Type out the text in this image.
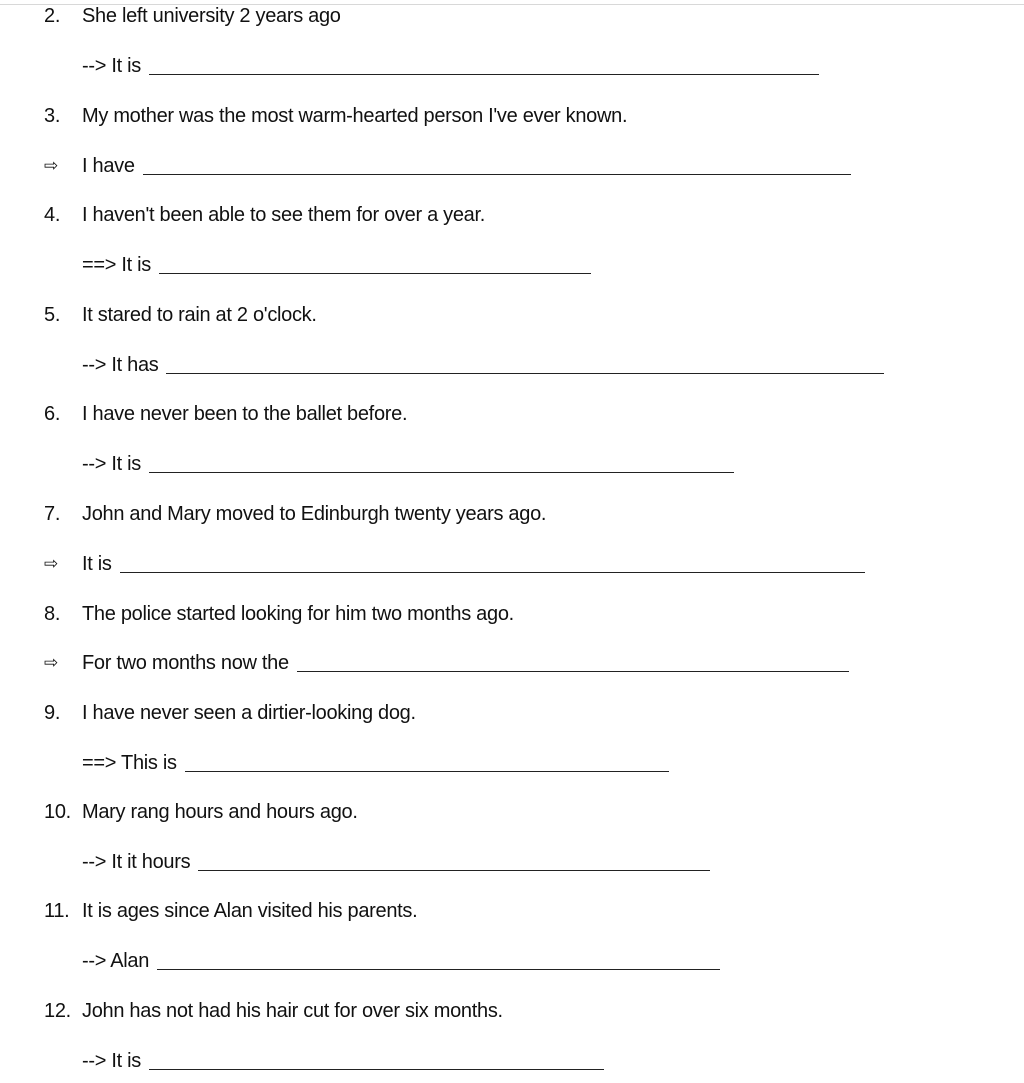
2. She left university 2 years ago
--> It is
3. My mother was the most warm-hearted person I've ever known.
⇨ I have
4. I haven't been able to see them for over a year.
==> It is
5. It stared to rain at 2 o'clock.
--> It has
6. I have never been to the ballet before.
--> It is
7. John and Mary moved to Edinburgh twenty years ago.
⇨ It is
8. The police started looking for him two months ago.
⇨ For two months now the
9. I have never seen a dirtier-looking dog.
==> This is
10. Mary rang hours and hours ago.
--> It it hours
11. It is ages since Alan visited his parents.
--> Alan
12. John has not had his hair cut for over six months.
--> It is
